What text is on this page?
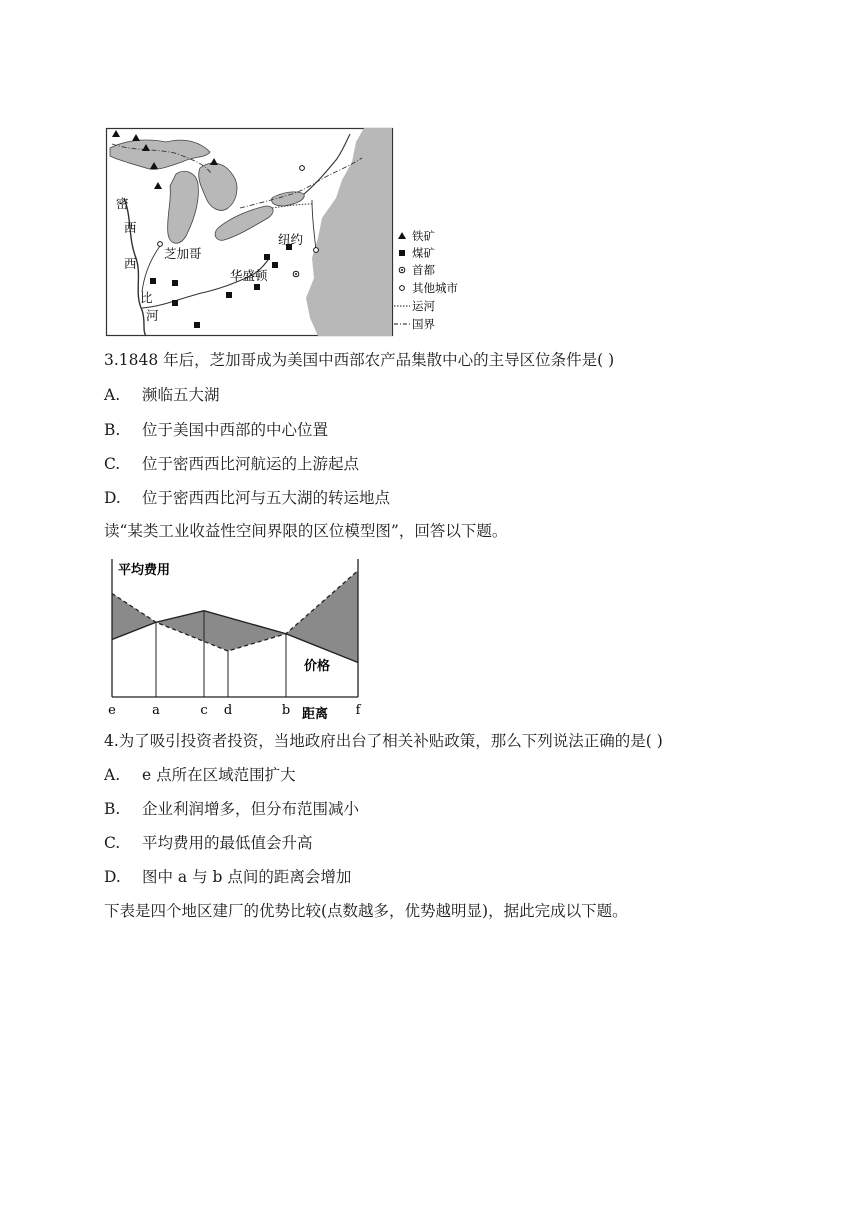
密
西
西
比
河
芝加哥
纽约
华盛顿
铁矿
煤矿
首都
其他城市
运河
国界
3.1848 年后，芝加哥成为美国中西部农产品集散中心的主导区位条件是( )
A. 濒临五大湖
B. 位于美国中西部的中心位置
C. 位于密西西比河航运的上游起点
D. 位于密西西比河与五大湖的转运地点
读“某类工业收益性空间界限的区位模型图”，回答以下题。
e	a	c d	b	f
平均费用
价格
距离
4.为了吸引投资者投资，当地政府出台了相关补贴政策，那么下列说法正确的是( )
A. e 点所在区域范围扩大
B. 企业利润增多，但分布范围减小
C. 平均费用的最低值会升高
D. 图中 a 与 b 点间的距离会增加
下表是四个地区建厂的优势比较(点数越多，优势越明显)，据此完成以下题。
